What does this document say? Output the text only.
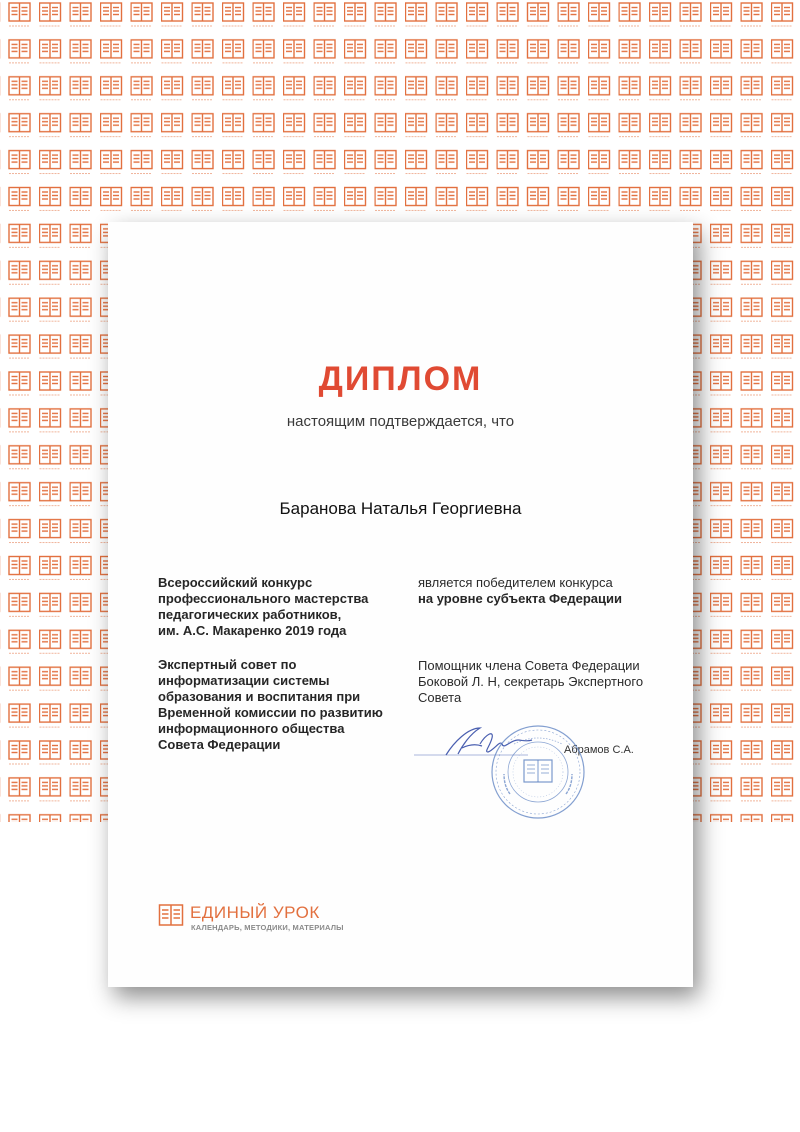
ДИПЛОМ
настоящим подтверждается, что
Баранова Наталья Георгиевна
Всероссийский конкурс
профессионального мастерства
педагогических работников,
им. А.С. Макаренко 2019 года
Экспертный совет по
информатизации системы
образования и воспитания при
Временной комиссии по развитию
информационного общества
Совета Федерации
является победителем конкурса
на уровне субъекта Федерации
Помощник члена Совета Федерации
Боковой Л. Н, секретарь Экспертного
Совета
Абрамов С.А.
ЕДИНЫЙ УРОК
КАЛЕНДАРЬ, МЕТОДИКИ, МАТЕРИАЛЫ
